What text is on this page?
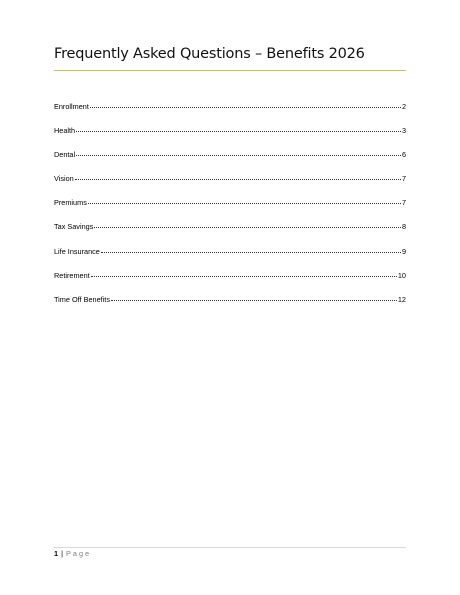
Frequently Asked Questions – Benefits 2026
Enrollment	2
Health	3
Dental	6
Vision	7
Premiums	7
Tax Savings	8
Life Insurance	9
Retirement	10
Time Off Benefits	12
1 | Page
